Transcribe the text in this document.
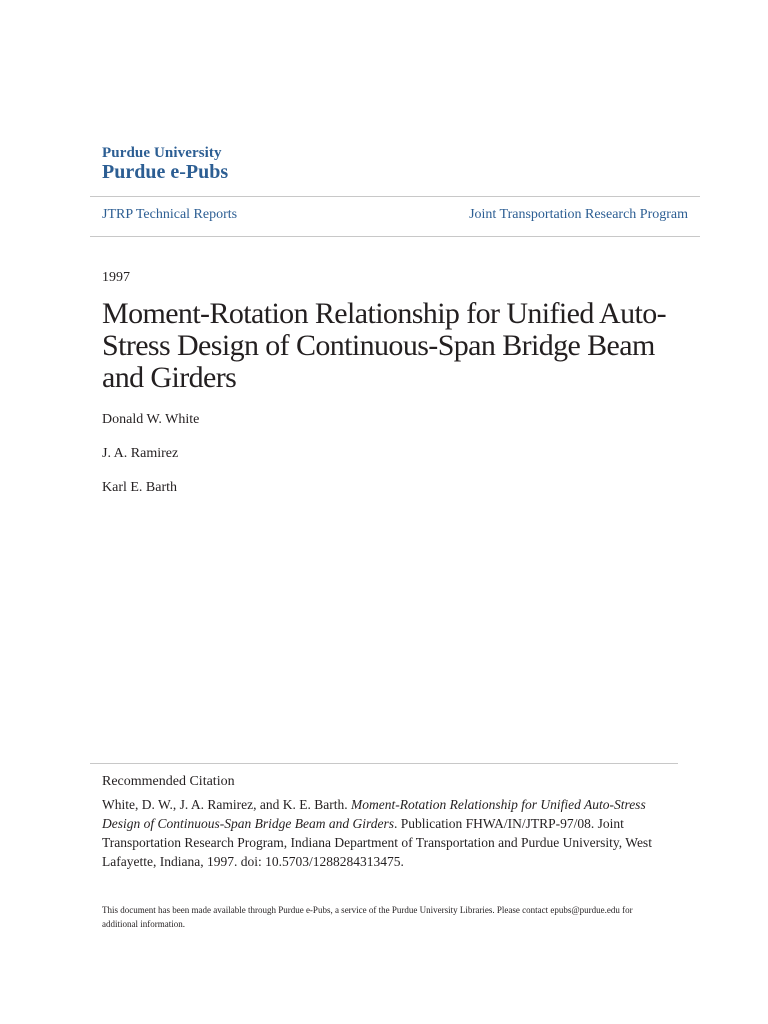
Purdue University
Purdue e-Pubs
JTRP Technical Reports	Joint Transportation Research Program
1997
Moment-Rotation Relationship for Unified Auto-Stress Design of Continuous-Span Bridge Beam and Girders
Donald W. White
J. A. Ramirez
Karl E. Barth
Recommended Citation
White, D. W., J. A. Ramirez, and K. E. Barth. Moment-Rotation Relationship for Unified Auto-Stress Design of Continuous-Span Bridge Beam and Girders. Publication FHWA/IN/JTRP-97/08. Joint Transportation Research Program, Indiana Department of Transportation and Purdue University, West Lafayette, Indiana, 1997. doi: 10.5703/1288284313475.
This document has been made available through Purdue e-Pubs, a service of the Purdue University Libraries. Please contact epubs@purdue.edu for additional information.
